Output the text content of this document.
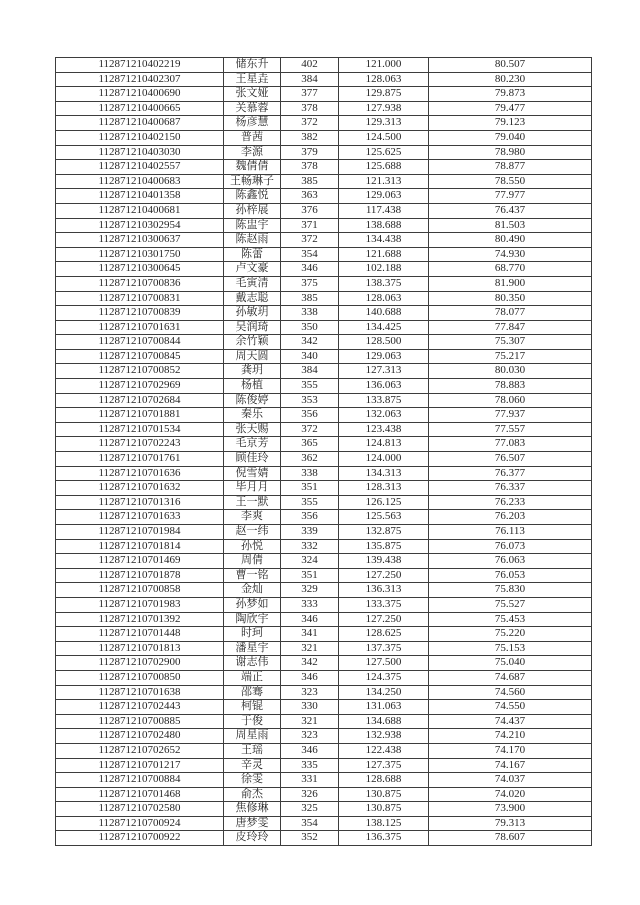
112871210402219	储东升	402	121.000	80.507
112871210402307	王星垚	384	128.063	80.230
112871210400690	张文娅	377	129.875	79.873
112871210400665	关慕蓉	378	127.938	79.477
112871210400687	杨彦慧	372	129.313	79.123
112871210402150	普茜	382	124.500	79.040
112871210403030	李源	379	125.625	78.980
112871210402557	魏倩倩	378	125.688	78.877
112871210400683	王畅琳子	385	121.313	78.550
112871210401358	陈鑫悦	363	129.063	77.977
112871210400681	孙梓展	376	117.438	76.437
112871210302954	陈盅宇	371	138.688	81.503
112871210300637	陈赵雨	372	134.438	80.490
112871210301750	陈蕾	354	121.688	74.930
112871210300645	卢文豪	346	102.188	68.770
112871210700836	毛寅清	375	138.375	81.900
112871210700831	戴志聪	385	128.063	80.350
112871210700839	孙敏玥	338	140.688	78.077
112871210701631	吴润琦	350	134.425	77.847
112871210700844	余竹颖	342	128.500	75.307
112871210700845	周天圆	340	129.063	75.217
112871210700852	龚玥	384	127.313	80.030
112871210702969	杨植	355	136.063	78.883
112871210702684	陈俊婷	353	133.875	78.060
112871210701881	秦乐	356	132.063	77.937
112871210701534	张天赐	372	123.438	77.557
112871210702243	毛京芳	365	124.813	77.083
112871210701761	顾佳玲	362	124.000	76.507
112871210701636	倪雪婧	338	134.313	76.377
112871210701632	毕月月	351	128.313	76.337
112871210701316	王一默	355	126.125	76.233
112871210701633	李爽	356	125.563	76.203
112871210701984	赵一纬	339	132.875	76.113
112871210701814	孙悦	332	135.875	76.073
112871210701469	周倩	324	139.438	76.063
112871210701878	曹一铭	351	127.250	76.053
112871210700858	金灿	329	136.313	75.830
112871210701983	孙梦如	333	133.375	75.527
112871210701392	陶欣宇	346	127.250	75.453
112871210701448	时珂	341	128.625	75.220
112871210701813	潘星宇	321	137.375	75.153
112871210702900	谢志伟	342	127.500	75.040
112871210700850	端正	346	124.375	74.687
112871210701638	邵骞	323	134.250	74.560
112871210702443	柯锟	330	131.063	74.550
112871210700885	于俊	321	134.688	74.437
112871210702480	周星雨	323	132.938	74.210
112871210702652	王瑶	346	122.438	74.170
112871210701217	辛灵	335	127.375	74.167
112871210700884	徐雯	331	128.688	74.037
112871210701468	俞杰	326	130.875	74.020
112871210702580	焦修琳	325	130.875	73.900
112871210700924	唐梦雯	354	138.125	79.313
112871210700922	皮玲玲	352	136.375	78.607
